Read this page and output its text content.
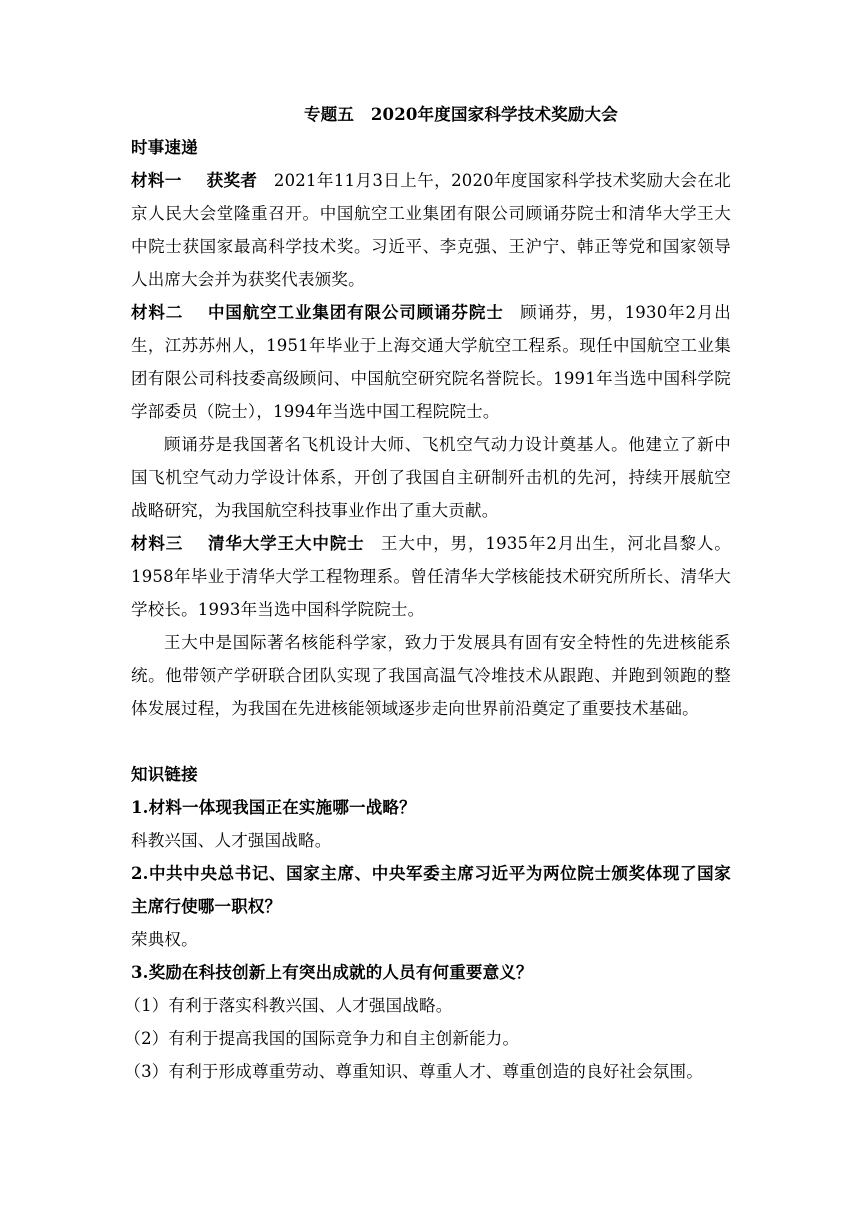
专题五　2020年度国家科学技术奖励大会

时事速递

材料一 获奖者 2021年11月3日上午，2020年度国家科学技术奖励大会在北京人民大会堂隆重召开。中国航空工业集团有限公司顾诵芬院士和清华大学王大中院士获国家最高科学技术奖。习近平、李克强、王沪宁、韩正等党和国家领导人出席大会并为获奖代表颁奖。

材料二 中国航空工业集团有限公司顾诵芬院士 顾诵芬，男，1930年2月出生，江苏苏州人，1951年毕业于上海交通大学航空工程系。现任中国航空工业集团有限公司科技委高级顾问、中国航空研究院名誉院长。1991年当选中国科学院学部委员（院士），1994年当选中国工程院院士。

顾诵芬是我国著名飞机设计大师、飞机空气动力设计奠基人。他建立了新中国飞机空气动力学设计体系，开创了我国自主研制歼击机的先河，持续开展航空战略研究，为我国航空科技事业作出了重大贡献。

材料三 清华大学王大中院士 王大中，男，1935年2月出生，河北昌黎人。1958年毕业于清华大学工程物理系。曾任清华大学核能技术研究所所长、清华大学校长。1993年当选中国科学院院士。

王大中是国际著名核能科学家，致力于发展具有固有安全特性的先进核能系统。他带领产学研联合团队实现了我国高温气冷堆技术从跟跑、并跑到领跑的整体发展过程，为我国在先进核能领域逐步走向世界前沿奠定了重要技术基础。

知识链接

1.材料一体现我国正在实施哪一战略？

科教兴国、人才强国战略。

2.中共中央总书记、国家主席、中央军委主席习近平为两位院士颁奖体现了国家主席行使哪一职权？

荣典权。

3.奖励在科技创新上有突出成就的人员有何重要意义？

（1）有利于落实科教兴国、人才强国战略。

（2）有利于提高我国的国际竞争力和自主创新能力。

（3）有利于形成尊重劳动、尊重知识、尊重人才、尊重创造的良好社会氛围。
